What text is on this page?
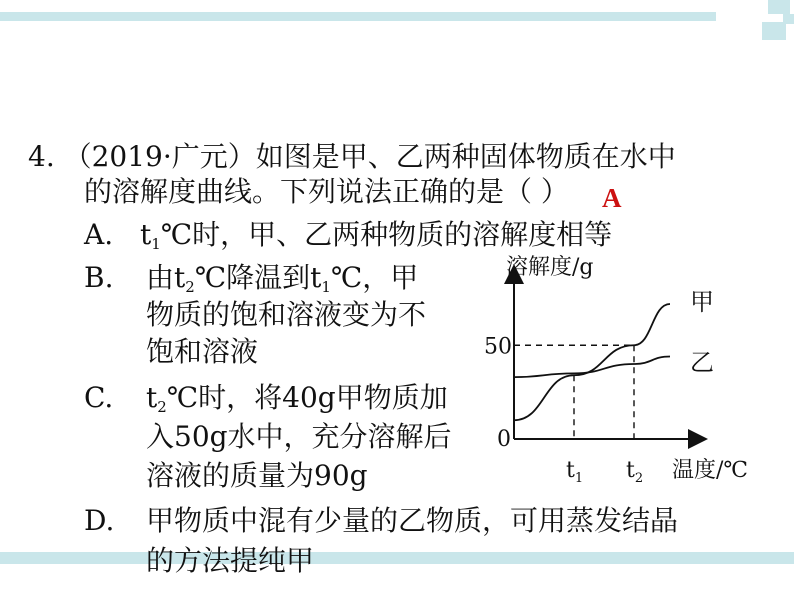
4. （2019·广元）如图是甲、乙两种固体物质在水中
的溶解度曲线。下列说法正确的是（ ） A
A. $t_1℃$时，甲、乙两种物质的溶解度相等
B. 由$t_2℃$降温到$t_1℃$，甲
物质的饱和溶液变为不
饱和溶液
C. $t_2℃$时，将40g甲物质加
入50g水中，充分溶解后
溶液的质量为90g
D. 甲物质中混有少量的乙物质，可用蒸发结晶
的方法提纯甲
甲
乙
溶解度/g
温度/℃
0
50
$t_1$ $t_2$
